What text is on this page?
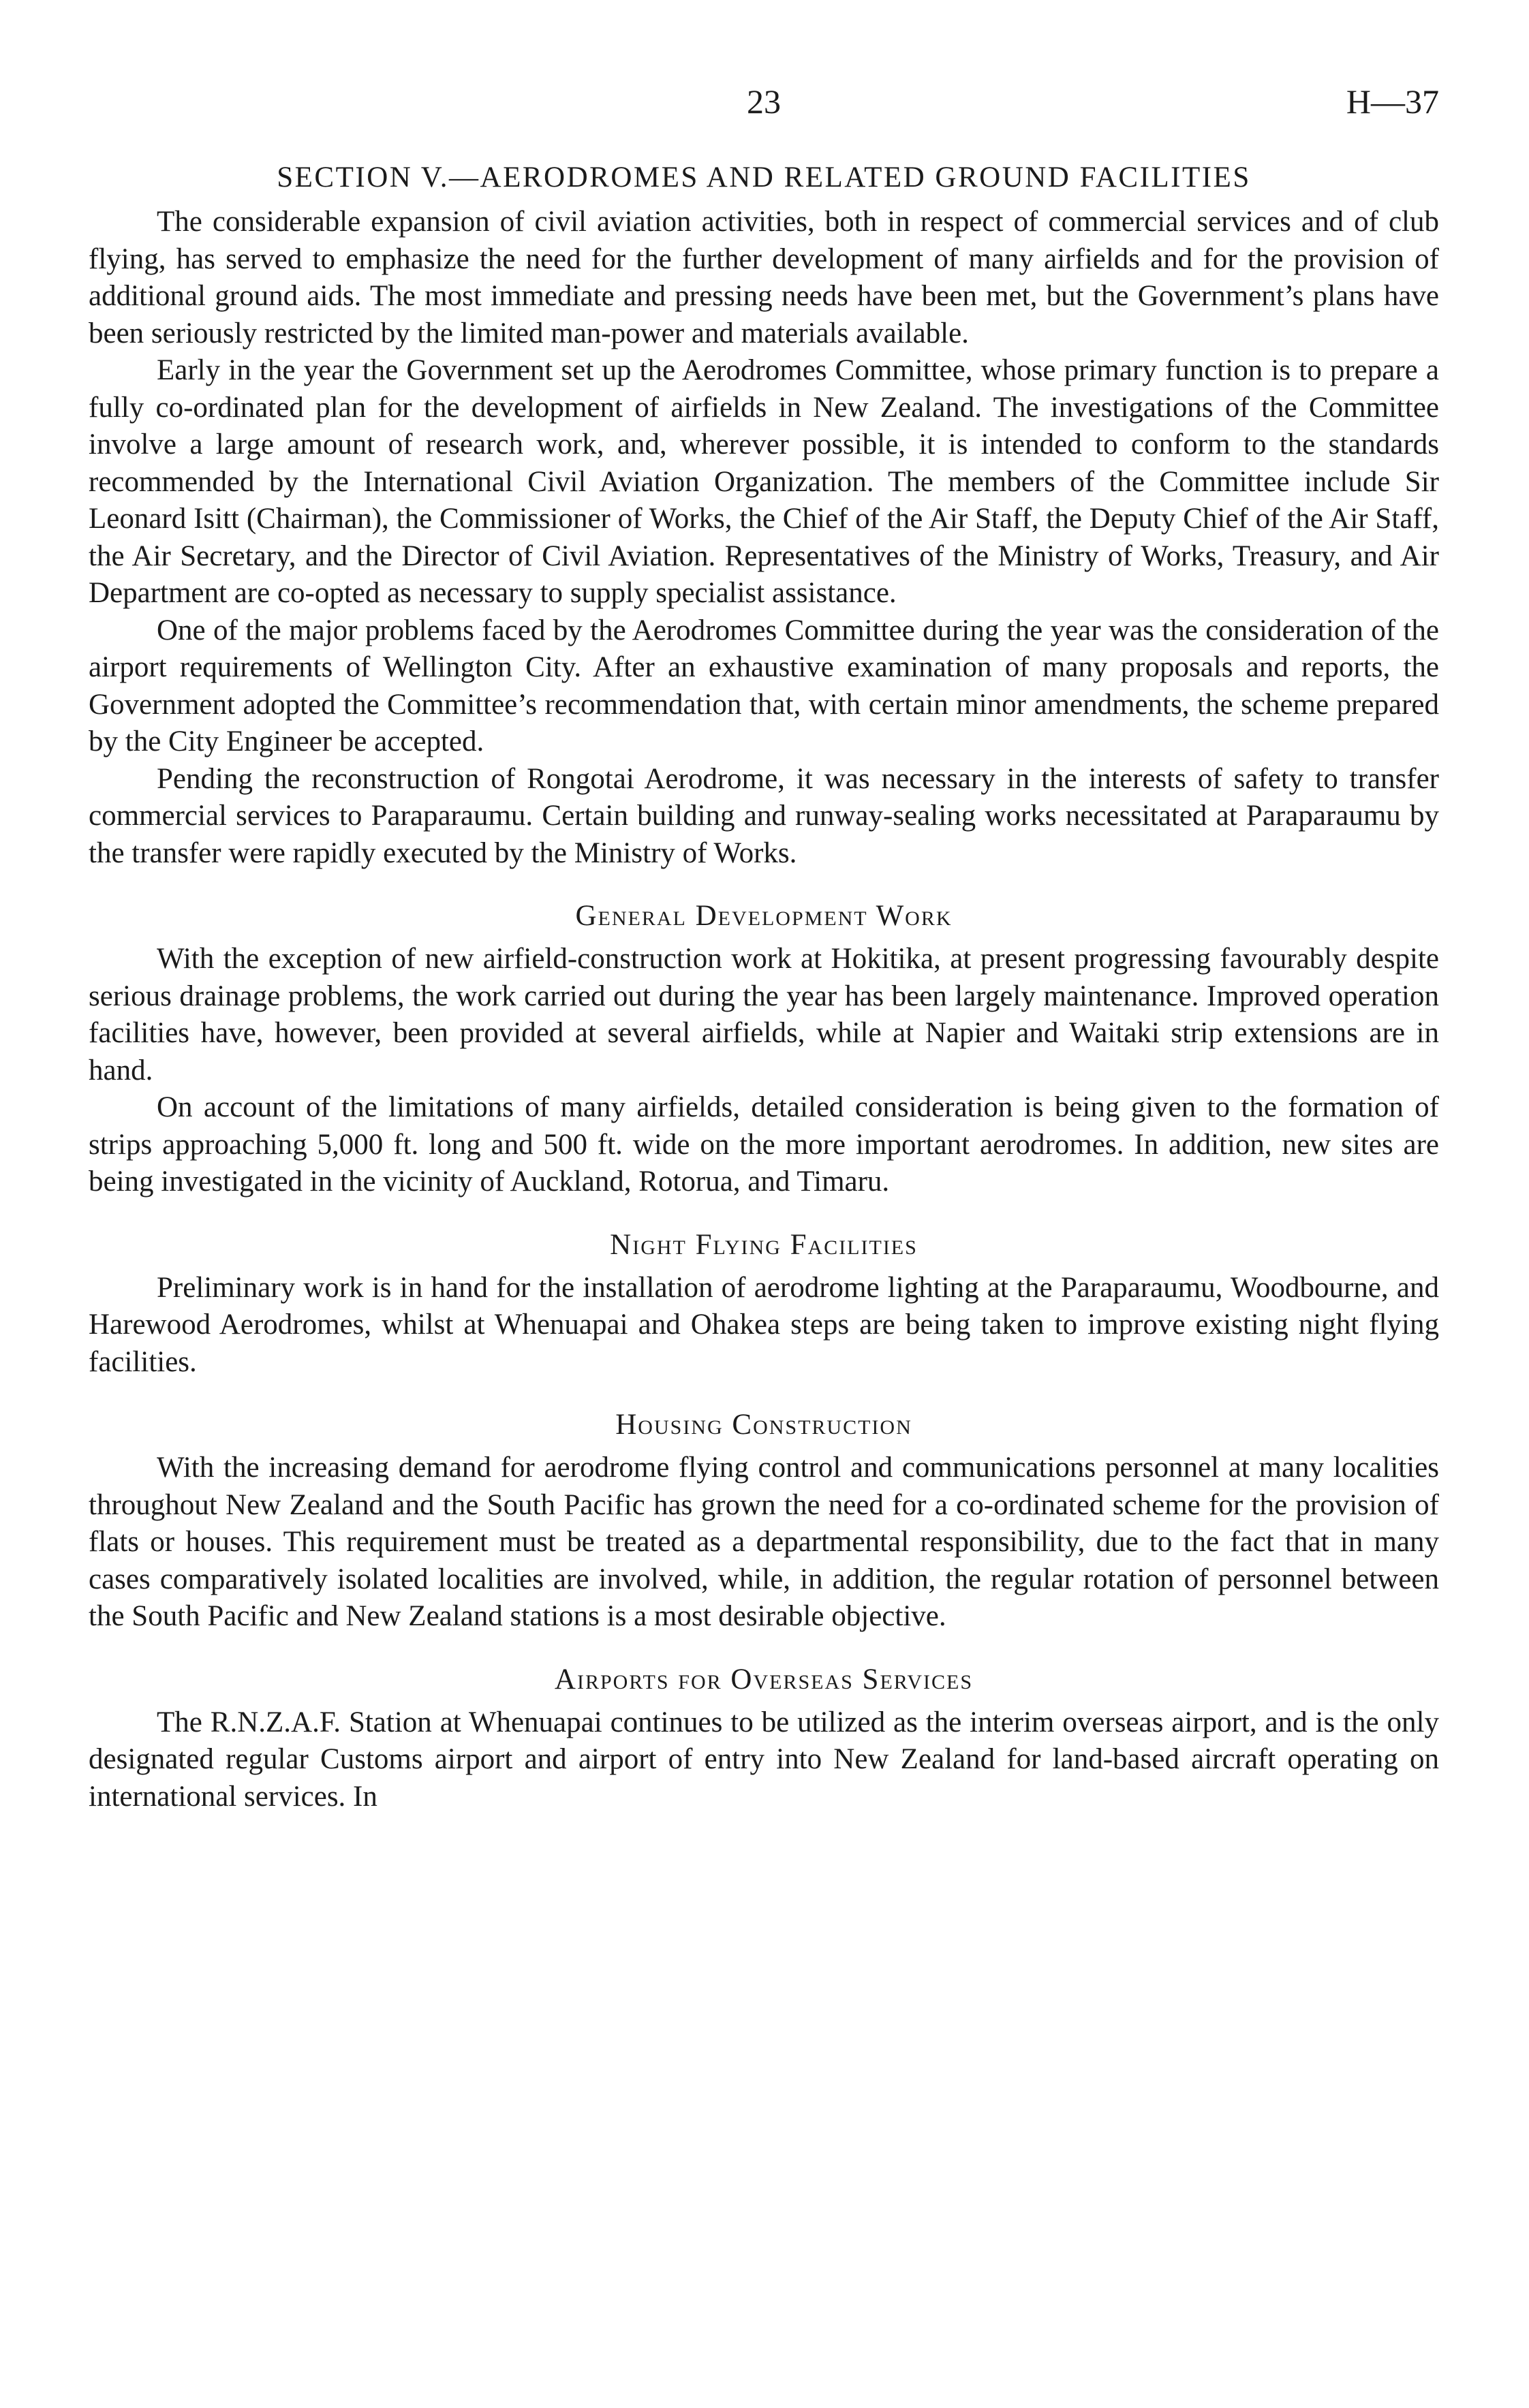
23	H—37
SECTION V.—AERODROMES AND RELATED GROUND FACILITIES

The considerable expansion of civil aviation activities, both in respect of commercial services and of club flying, has served to emphasize the need for the further development of many airfields and for the provision of additional ground aids. The most immediate and pressing needs have been met, but the Government’s plans have been seriously restricted by the limited man-power and materials available.

Early in the year the Government set up the Aerodromes Committee, whose primary function is to prepare a fully co-ordinated plan for the development of airfields in New Zealand. The investigations of the Committee involve a large amount of research work, and, wherever possible, it is intended to conform to the standards recommended by the International Civil Aviation Organization. The members of the Committee include Sir Leonard Isitt (Chairman), the Commissioner of Works, the Chief of the Air Staff, the Deputy Chief of the Air Staff, the Air Secretary, and the Director of Civil Aviation. Representatives of the Ministry of Works, Treasury, and Air Department are co-opted as necessary to supply specialist assistance.

One of the major problems faced by the Aerodromes Committee during the year was the consideration of the airport requirements of Wellington City. After an exhaustive examination of many proposals and reports, the Government adopted the Committee’s recommendation that, with certain minor amendments, the scheme prepared by the City Engineer be accepted.

Pending the reconstruction of Rongotai Aerodrome, it was necessary in the interests of safety to transfer commercial services to Paraparaumu. Certain building and runway-sealing works necessitated at Paraparaumu by the transfer were rapidly executed by the Ministry of Works.

General Development Work

With the exception of new airfield-construction work at Hokitika, at present progressing favourably despite serious drainage problems, the work carried out during the year has been largely maintenance. Improved operation facilities have, however, been provided at several airfields, while at Napier and Waitaki strip extensions are in hand.

On account of the limitations of many airfields, detailed consideration is being given to the formation of strips approaching 5,000 ft. long and 500 ft. wide on the more important aerodromes. In addition, new sites are being investigated in the vicinity of Auckland, Rotorua, and Timaru.

Night Flying Facilities

Preliminary work is in hand for the installation of aerodrome lighting at the Paraparaumu, Woodbourne, and Harewood Aerodromes, whilst at Whenuapai and Ohakea steps are being taken to improve existing night flying facilities.

Housing Construction

With the increasing demand for aerodrome flying control and communications personnel at many localities throughout New Zealand and the South Pacific has grown the need for a co-ordinated scheme for the provision of flats or houses. This requirement must be treated as a departmental responsibility, due to the fact that in many cases comparatively isolated localities are involved, while, in addition, the regular rotation of personnel between the South Pacific and New Zealand stations is a most desirable objective.

Airports for Overseas Services

The R.N.Z.A.F. Station at Whenuapai continues to be utilized as the interim overseas airport, and is the only designated regular Customs airport and airport of entry into New Zealand for land-based aircraft operating on international services. In
